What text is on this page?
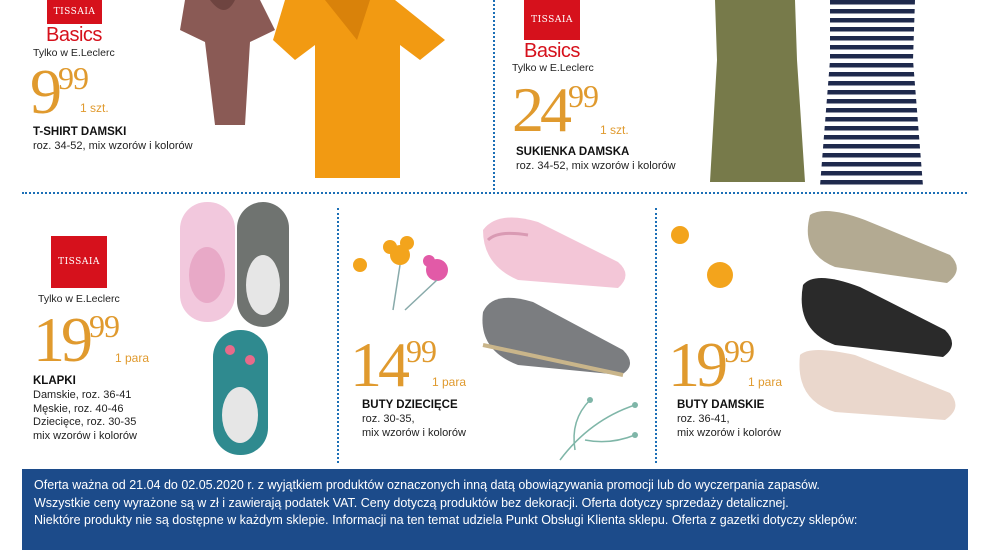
TISSAIA
Basics
Tylko w E.Leclerc
999
1 szt.
T-SHIRT DAMSKI
roz. 34-52, mix wzorów i kolorów
TISSAIA
Basics
Tylko w E.Leclerc
2499
1 szt.
SUKIENKA DAMSKA
roz. 34-52, mix wzorów i kolorów
TISSAIA
Tylko w E.Leclerc
1999
1 para
KLAPKI
Damskie, roz. 36-41
Męskie, roz. 40-46
Dziecięce, roz. 30-35
mix wzorów i kolorów
1499
1 para
BUTY DZIECIĘCE
roz. 30-35,
mix wzorów i kolorów
1999
1 para
BUTY DAMSKIE
roz. 36-41,
mix wzorów i kolorów
Oferta ważna od 21.04 do 02.05.2020 r. z wyjątkiem produktów oznaczonych inną datą obowiązywania promocji lub do wyczerpania zapasów.
Wszystkie ceny wyrażone są w zł i zawierają podatek VAT. Ceny dotyczą produktów bez dekoracji. Oferta dotyczy sprzedaży detalicznej.
Niektóre produkty nie są dostępne w każdym sklepie. Informacji na ten temat udziela Punkt Obsługi Klienta sklepu. Oferta z gazetki dotyczy sklepów:
